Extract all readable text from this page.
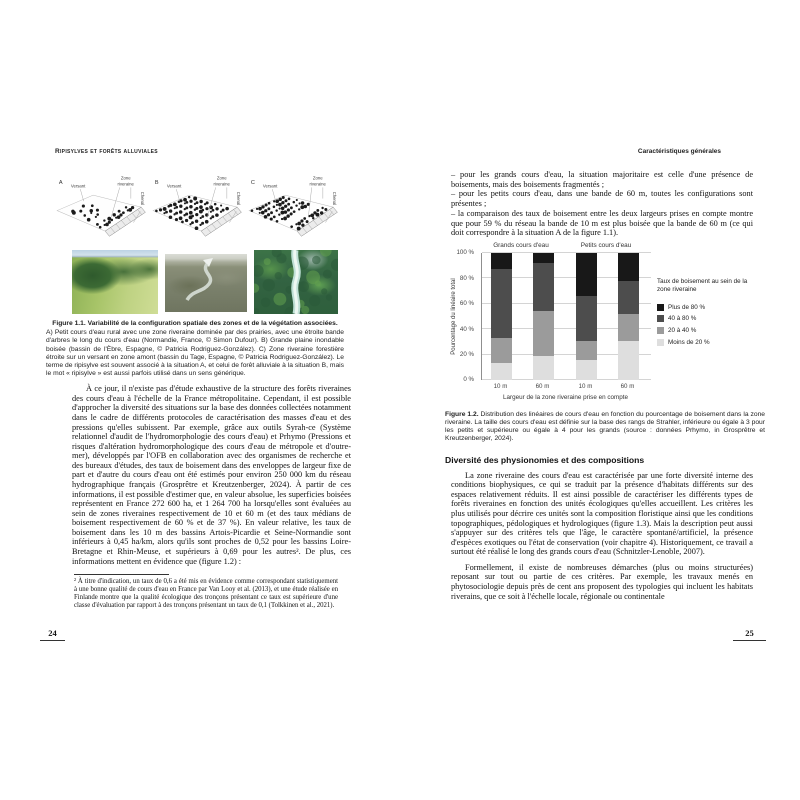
Ripisylves et forêts alluviales
A Versant
Zone
riveraine
Chenal
B Versant
Zone
riveraine
Chenal
C Versant
Zone
riveraine
Chenal
Figure 1.1. Variabilité de la configuration spatiale des zones et de la végétation associées.
A) Petit cours d'eau rural avec une zone riveraine dominée par des prairies, avec une étroite bande d'arbres le long du cours d'eau (Normandie, France, © Simon Dufour). B) Grande plaine inondable boisée (bassin de l'Èbre, Espagne, © Patricia Rodriguez-González). C) Zone riveraine forestière étroite sur un versant en zone amont (bassin du Tage, Espagne, © Patricia Rodriguez-González). Le terme de ripisylve est souvent associé à la situation A, et celui de forêt alluviale à la situation B, mais le mot « ripisylve » est aussi parfois utilisé dans un sens générique.

À ce jour, il n'existe pas d'étude exhaustive de la structure des forêts riveraines des cours d'eau à l'échelle de la France métropolitaine. Cependant, il est possible d'approcher la diversité des situations sur la base des données collectées notamment dans le cadre de différents protocoles de caractérisation des masses d'eau et des pressions qu'elles subissent. Par exemple, grâce aux outils Syrah-ce (Système relationnel d'audit de l'hydromorphologie des cours d'eau) et Prhymo (Pressions et risques d'altération hydromorphologique des cours d'eau de métropole et d'outre-mer), développés par l'OFB en collaboration avec des organismes de recherche et des bureaux d'études, des taux de boisement dans des enveloppes de largeur fixe de part et d'autre du cours d'eau ont été estimés pour environ 250 000 km du réseau hydrographique français (Grosprêtre et Kreutzenberger, 2024). À partir de ces informations, il est possible d'estimer que, en valeur absolue, les superficies boisées représentent en France 272 600 ha, et 1 264 700 ha lorsqu'elles sont évaluées au sein de zones riveraines respectivement de 10 et 60 m (et des taux médians de boisement respectivement de 60 % et de 37 %). En valeur relative, les taux de boisement dans les 10 m des bassins Artois-Picardie et Seine-Normandie sont inférieurs à 0,45 ha/km, alors qu'ils sont proches de 0,52 pour les bassins Loire-Bretagne et Rhin-Meuse, et supérieurs à 0,69 pour les autres². De plus, ces informations mettent en évidence que (figure 1.2) :

² À titre d'indication, un taux de 0,6 a été mis en évidence comme correspondant statistiquement à une bonne qualité de cours d'eau en France par Van Looy et al. (2013), et une étude réalisée en Finlande montre que la qualité écologique des tronçons présentant ce taux est supérieure d'une classe d'évaluation par rapport à des tronçons présentant un taux de 0,1 (Tolkkinen et al., 2021).
Caractéristiques générales

– pour les grands cours d'eau, la situation majoritaire est celle d'une présence de boisements, mais des boisements fragmentés ;

– pour les petits cours d'eau, dans une bande de 60 m, toutes les configurations sont présentes ;

– la comparaison des taux de boisement entre les deux largeurs prises en compte montre que pour 59 % du réseau la bande de 10 m est plus boisée que la bande de 60 m (ce qui doit correspondre à la situation A de la figure 1.1).

Pourcentage du linéaire total
0 %
20 %
40 %
60 %
80 %
100 %
Largeur de la zone riveraine prise en compte
Taux de boisement au sein de la zone riveraine
Plus de 80 %
40 à 80 %
20 à 40 %
Moins de 20 %
10 m	60 m	10 m	60 m
Grands cours d'eau	Petits cours d'eau
Figure 1.2. Distribution des linéaires de cours d'eau en fonction du pourcentage de boisement dans la zone riveraine. La taille des cours d'eau est définie sur la base des rangs de Strahler, inférieure ou égale à 3 pour les petits et supérieure ou égale à 4 pour les grands (source : données Prhymo, in Grosprêtre et Kreutzenberger, 2024).
Diversité des physionomies et des compositions

La zone riveraine des cours d'eau est caractérisée par une forte diversité interne des conditions biophysiques, ce qui se traduit par la présence d'habitats différents sur des espaces relativement réduits. Il est ainsi possible de caractériser les différents types de forêts riveraines en fonction des unités écologiques qu'elles accueillent. Les critères les plus utilisés pour décrire ces unités sont la composition floristique ainsi que les conditions topographiques, pédologiques et hydrologiques (figure 1.3). Mais la description peut aussi s'appuyer sur des critères tels que l'âge, le caractère spontané/artificiel, la présence d'espèces exotiques ou l'état de conservation (voir chapitre 4). Historiquement, ce travail a surtout été réalisé le long des grands cours d'eau (Schnitzler-Lenoble, 2007).

Formellement, il existe de nombreuses démarches (plus ou moins structurées) reposant sur tout ou partie de ces critères. Par exemple, les travaux menés en phytosociologie depuis près de cent ans proposent des typologies qui incluent les habitats riverains, que ce soit à l'échelle locale, régionale ou continentale

24	25
